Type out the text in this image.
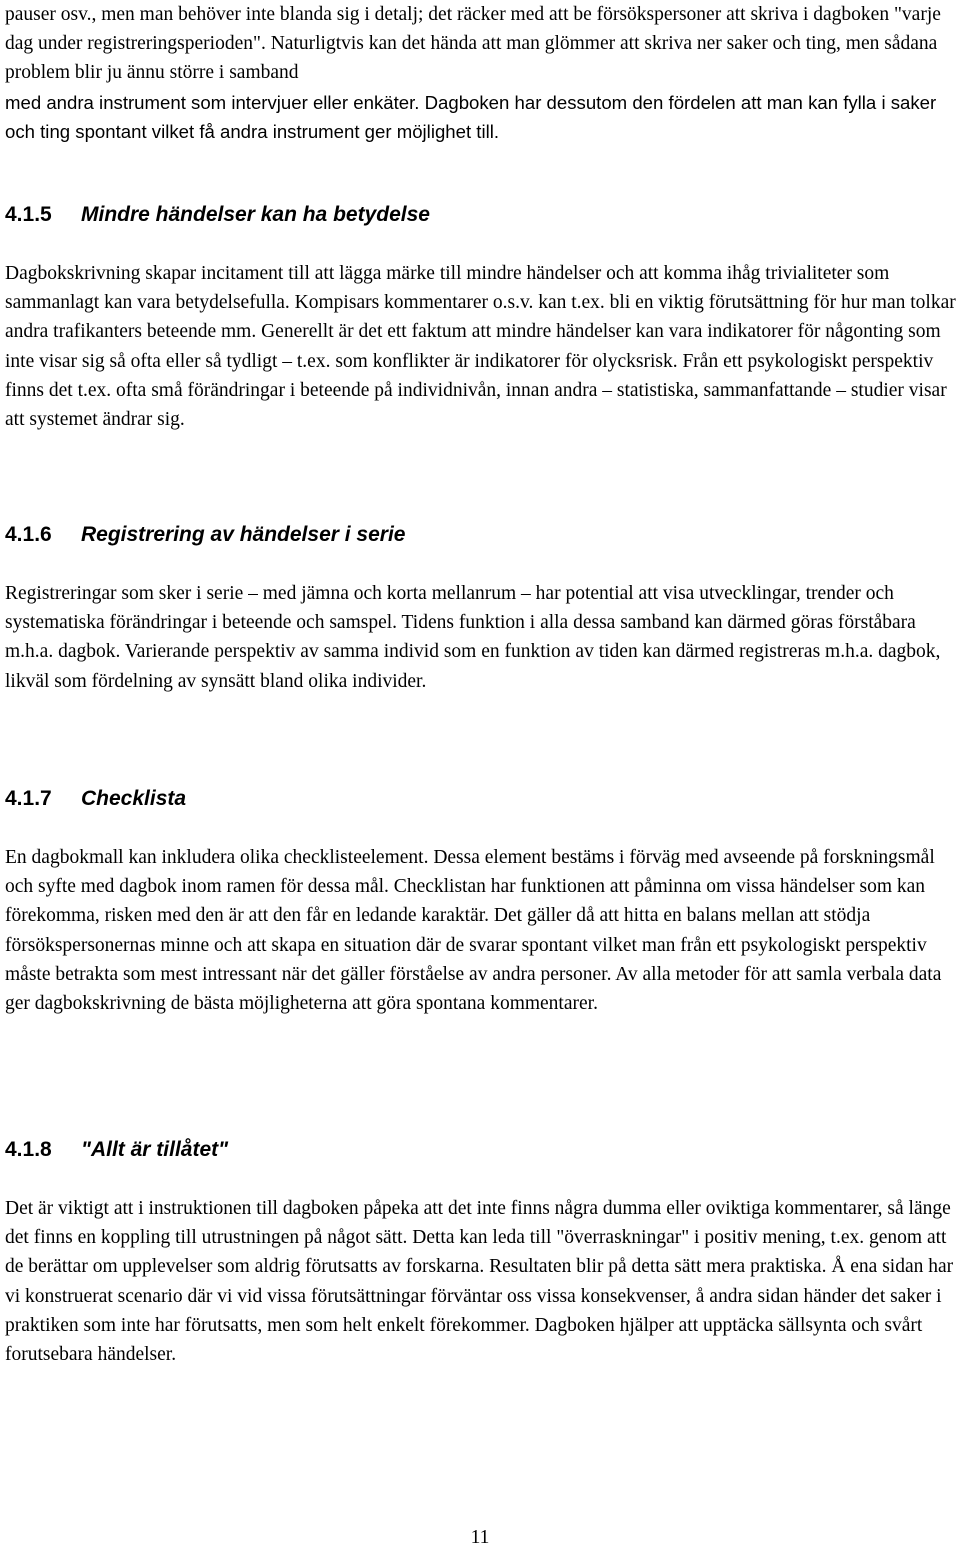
pauser osv., men man behöver inte blanda sig i detalj; det räcker med att be försökspersoner att skriva i dagboken "varje dag under registreringsperioden". Naturligtvis kan det hända att man glömmer att skriva ner saker och ting, men sådana problem blir ju ännu större i samband

med andra instrument som intervjuer eller enkäter. Dagboken har dessutom den fördelen att man kan fylla i saker och ting spontant vilket få andra instrument ger möjlighet till.

4.1.5 Mindre händelser kan ha betydelse

Dagbokskrivning skapar incitament till att lägga märke till mindre händelser och att komma ihåg trivialiteter som sammanlagt kan vara betydelsefulla. Kompisars kommentarer o.s.v. kan t.ex. bli en viktig förutsättning för hur man tolkar andra trafikanters beteende mm. Generellt är det ett faktum att mindre händelser kan vara indikatorer för någonting som inte visar sig så ofta eller så tydligt – t.ex. som konflikter är indikatorer för olycksrisk. Från ett psykologiskt perspektiv finns det t.ex. ofta små förändringar i beteende på individnivån, innan andra – statistiska, sammanfattande – studier visar att systemet ändrar sig.

4.1.6 Registrering av händelser i serie

Registreringar som sker i serie – med jämna och korta mellanrum – har potential att visa utvecklingar, trender och systematiska förändringar i beteende och samspel. Tidens funktion i alla dessa samband kan därmed göras förståbara m.h.a. dagbok. Varierande perspektiv av samma individ som en funktion av tiden kan därmed registreras m.h.a. dagbok, likväl som fördelning av synsätt bland olika individer.

4.1.7 Checklista

En dagbokmall kan inkludera olika checklisteelement. Dessa element bestäms i förväg med avseende på forskningsmål och syfte med dagbok inom ramen för dessa mål. Checklistan har funktionen att påminna om vissa händelser som kan förekomma, risken med den är att den får en ledande karaktär. Det gäller då att hitta en balans mellan att stödja försökspersonernas minne och att skapa en situation där de svarar spontant vilket man från ett psykologiskt perspektiv måste betrakta som mest intressant när det gäller förståelse av andra personer. Av alla metoder för att samla verbala data ger dagbokskrivning de bästa möjligheterna att göra spontana kommentarer.

4.1.8 "Allt är tillåtet"

Det är viktigt att i instruktionen till dagboken påpeka att det inte finns några dumma eller oviktiga kommentarer, så länge det finns en koppling till utrustningen på något sätt. Detta kan leda till "överraskningar" i positiv mening, t.ex. genom att de berättar om upplevelser som aldrig förutsatts av forskarna. Resultaten blir på detta sätt mera praktiska. Å ena sidan har vi konstruerat scenario där vi vid vissa förutsättningar förväntar oss vissa konsekvenser, å andra sidan händer det saker i praktiken som inte har förutsatts, men som helt enkelt förekommer. Dagboken hjälper att upptäcka sällsynta och svårt forutsebara händelser.

11
